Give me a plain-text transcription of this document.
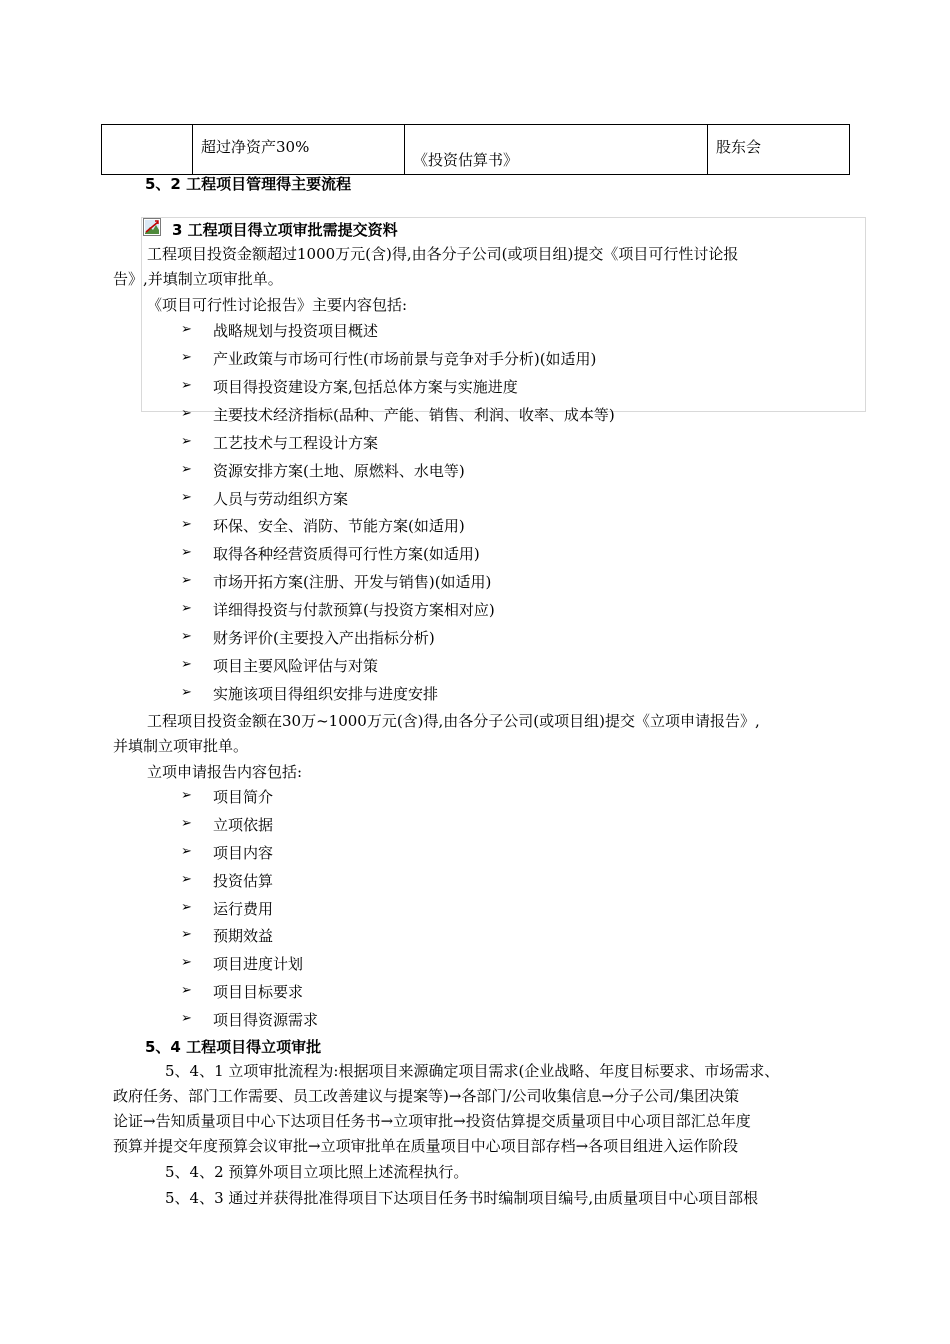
	超过净资产30%	《投资估算书》	股东会
5、2 工程项目管理得主要流程
3 工程项目得立项审批需提交资料
工程项目投资金额超过1000万元(含)得,由各分子公司(或项目组)提交《项目可行性讨论报
告》,并填制立项审批单。
《项目可行性讨论报告》主要内容包括:
➢ 战略规划与投资项目概述
➢ 产业政策与市场可行性(市场前景与竞争对手分析)(如适用)
➢ 项目得投资建设方案,包括总体方案与实施进度
➢ 主要技术经济指标(品种、产能、销售、利润、收率、成本等)
➢ 工艺技术与工程设计方案
➢ 资源安排方案(土地、原燃料、水电等)
➢ 人员与劳动组织方案
➢ 环保、安全、消防、节能方案(如适用)
➢ 取得各种经营资质得可行性方案(如适用)
➢ 市场开拓方案(注册、开发与销售)(如适用)
➢ 详细得投资与付款预算(与投资方案相对应)
➢ 财务评价(主要投入产出指标分析)
➢ 项目主要风险评估与对策
➢ 实施该项目得组织安排与进度安排
工程项目投资金额在30万~1000万元(含)得,由各分子公司(或项目组)提交《立项申请报告》,
并填制立项审批单。
立项申请报告内容包括:
➢ 项目简介
➢ 立项依据
➢ 项目内容
➢ 投资估算
➢ 运行费用
➢ 预期效益
➢ 项目进度计划
➢ 项目目标要求
➢ 项目得资源需求
5、4 工程项目得立项审批
5、4、1 立项审批流程为:根据项目来源确定项目需求(企业战略、年度目标要求、市场需求、
政府任务、部门工作需要、员工改善建议与提案等)→各部门/公司收集信息→分子公司/集团决策
论证→告知质量项目中心下达项目任务书→立项审批→投资估算提交质量项目中心项目部汇总年度
预算并提交年度预算会议审批→立项审批单在质量项目中心项目部存档→各项目组进入运作阶段
5、4、2 预算外项目立项比照上述流程执行。
5、4、3 通过并获得批准得项目下达项目任务书时编制项目编号,由质量项目中心项目部根
